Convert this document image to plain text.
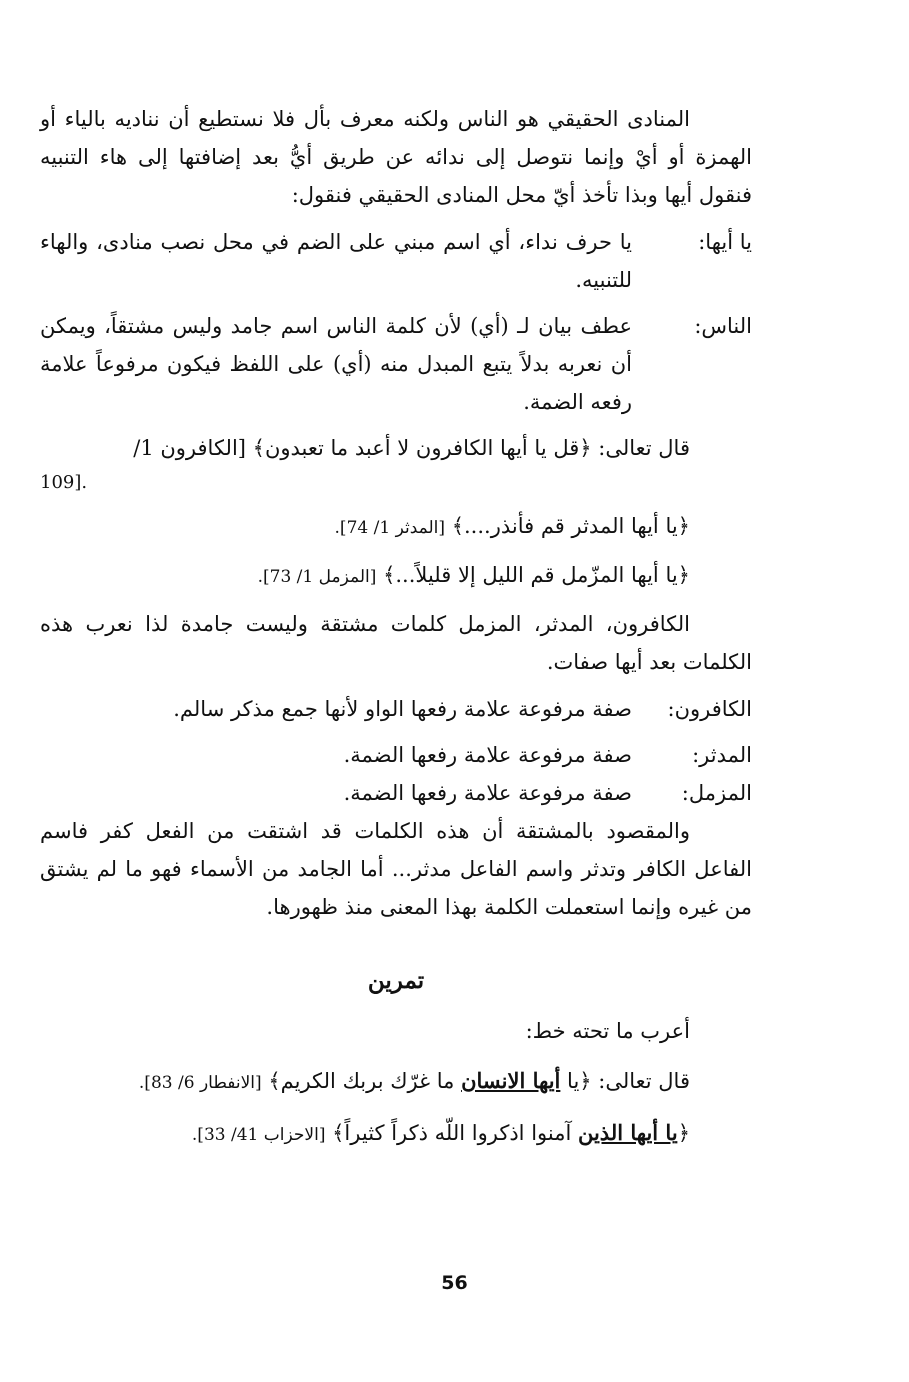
المنادى الحقيقي هو الناس ولكنه معرف بأل فلا نستطيع أن نناديه بالياء أو الهمزة أو أيْ وإنما نتوصل إلى ندائه عن طريق أيُّ بعد إضافتها إلى هاء التنبيه فنقول أيها وبذا تأخذ أيّ محل المنادى الحقيقي فنقول:

يا أيها:
يا حرف نداء، أي اسم مبني على الضم في محل نصب منادى، والهاء للتنبيه.
الناس:
عطف بيان لـ (أي) لأن كلمة الناس اسم جامد وليس مشتقاً، ويمكن أن نعربه بدلاً يتبع المبدل منه (أي) على اللفظ فيكون مرفوعاً علامة رفعه الضمة.

قال تعالى: ﴿قل يا أيها الكافرون لا أعبد ما تعبدون﴾ [الكافرون 1/

109].
﴿يا أيها المدثر قم فأنذر....﴾ [المدثر 1/ 74].
﴿يا أيها المزّمل قم الليل إلا قليلاً...﴾ [المزمل 1/ 73].

الكافرون، المدثر، المزمل كلمات مشتقة وليست جامدة لذا نعرب هذه الكلمات بعد أيها صفات.

الكافرون:
صفة مرفوعة علامة رفعها الواو لأنها جمع مذكر سالم.
المدثر:
صفة مرفوعة علامة رفعها الضمة.
المزمل:
صفة مرفوعة علامة رفعها الضمة.

والمقصود بالمشتقة أن هذه الكلمات قد اشتقت من الفعل كفر فاسم الفاعل الكافر وتدثر واسم الفاعل مدثر... أما الجامد من الأسماء فهو ما لم يشتق من غيره وإنما استعملت الكلمة بهذا المعنى منذ ظهورها.

تمرين
أعرب ما تحته خط:
قال تعالى: ﴿يا أيها الانسان ما غرّك بربك الكريم﴾ [الانفطار 6/ 83].
﴿يا أيها الذين آمنوا اذكروا اللّه ذكراً كثيراً﴾ [الاحزاب 41/ 33].
56
